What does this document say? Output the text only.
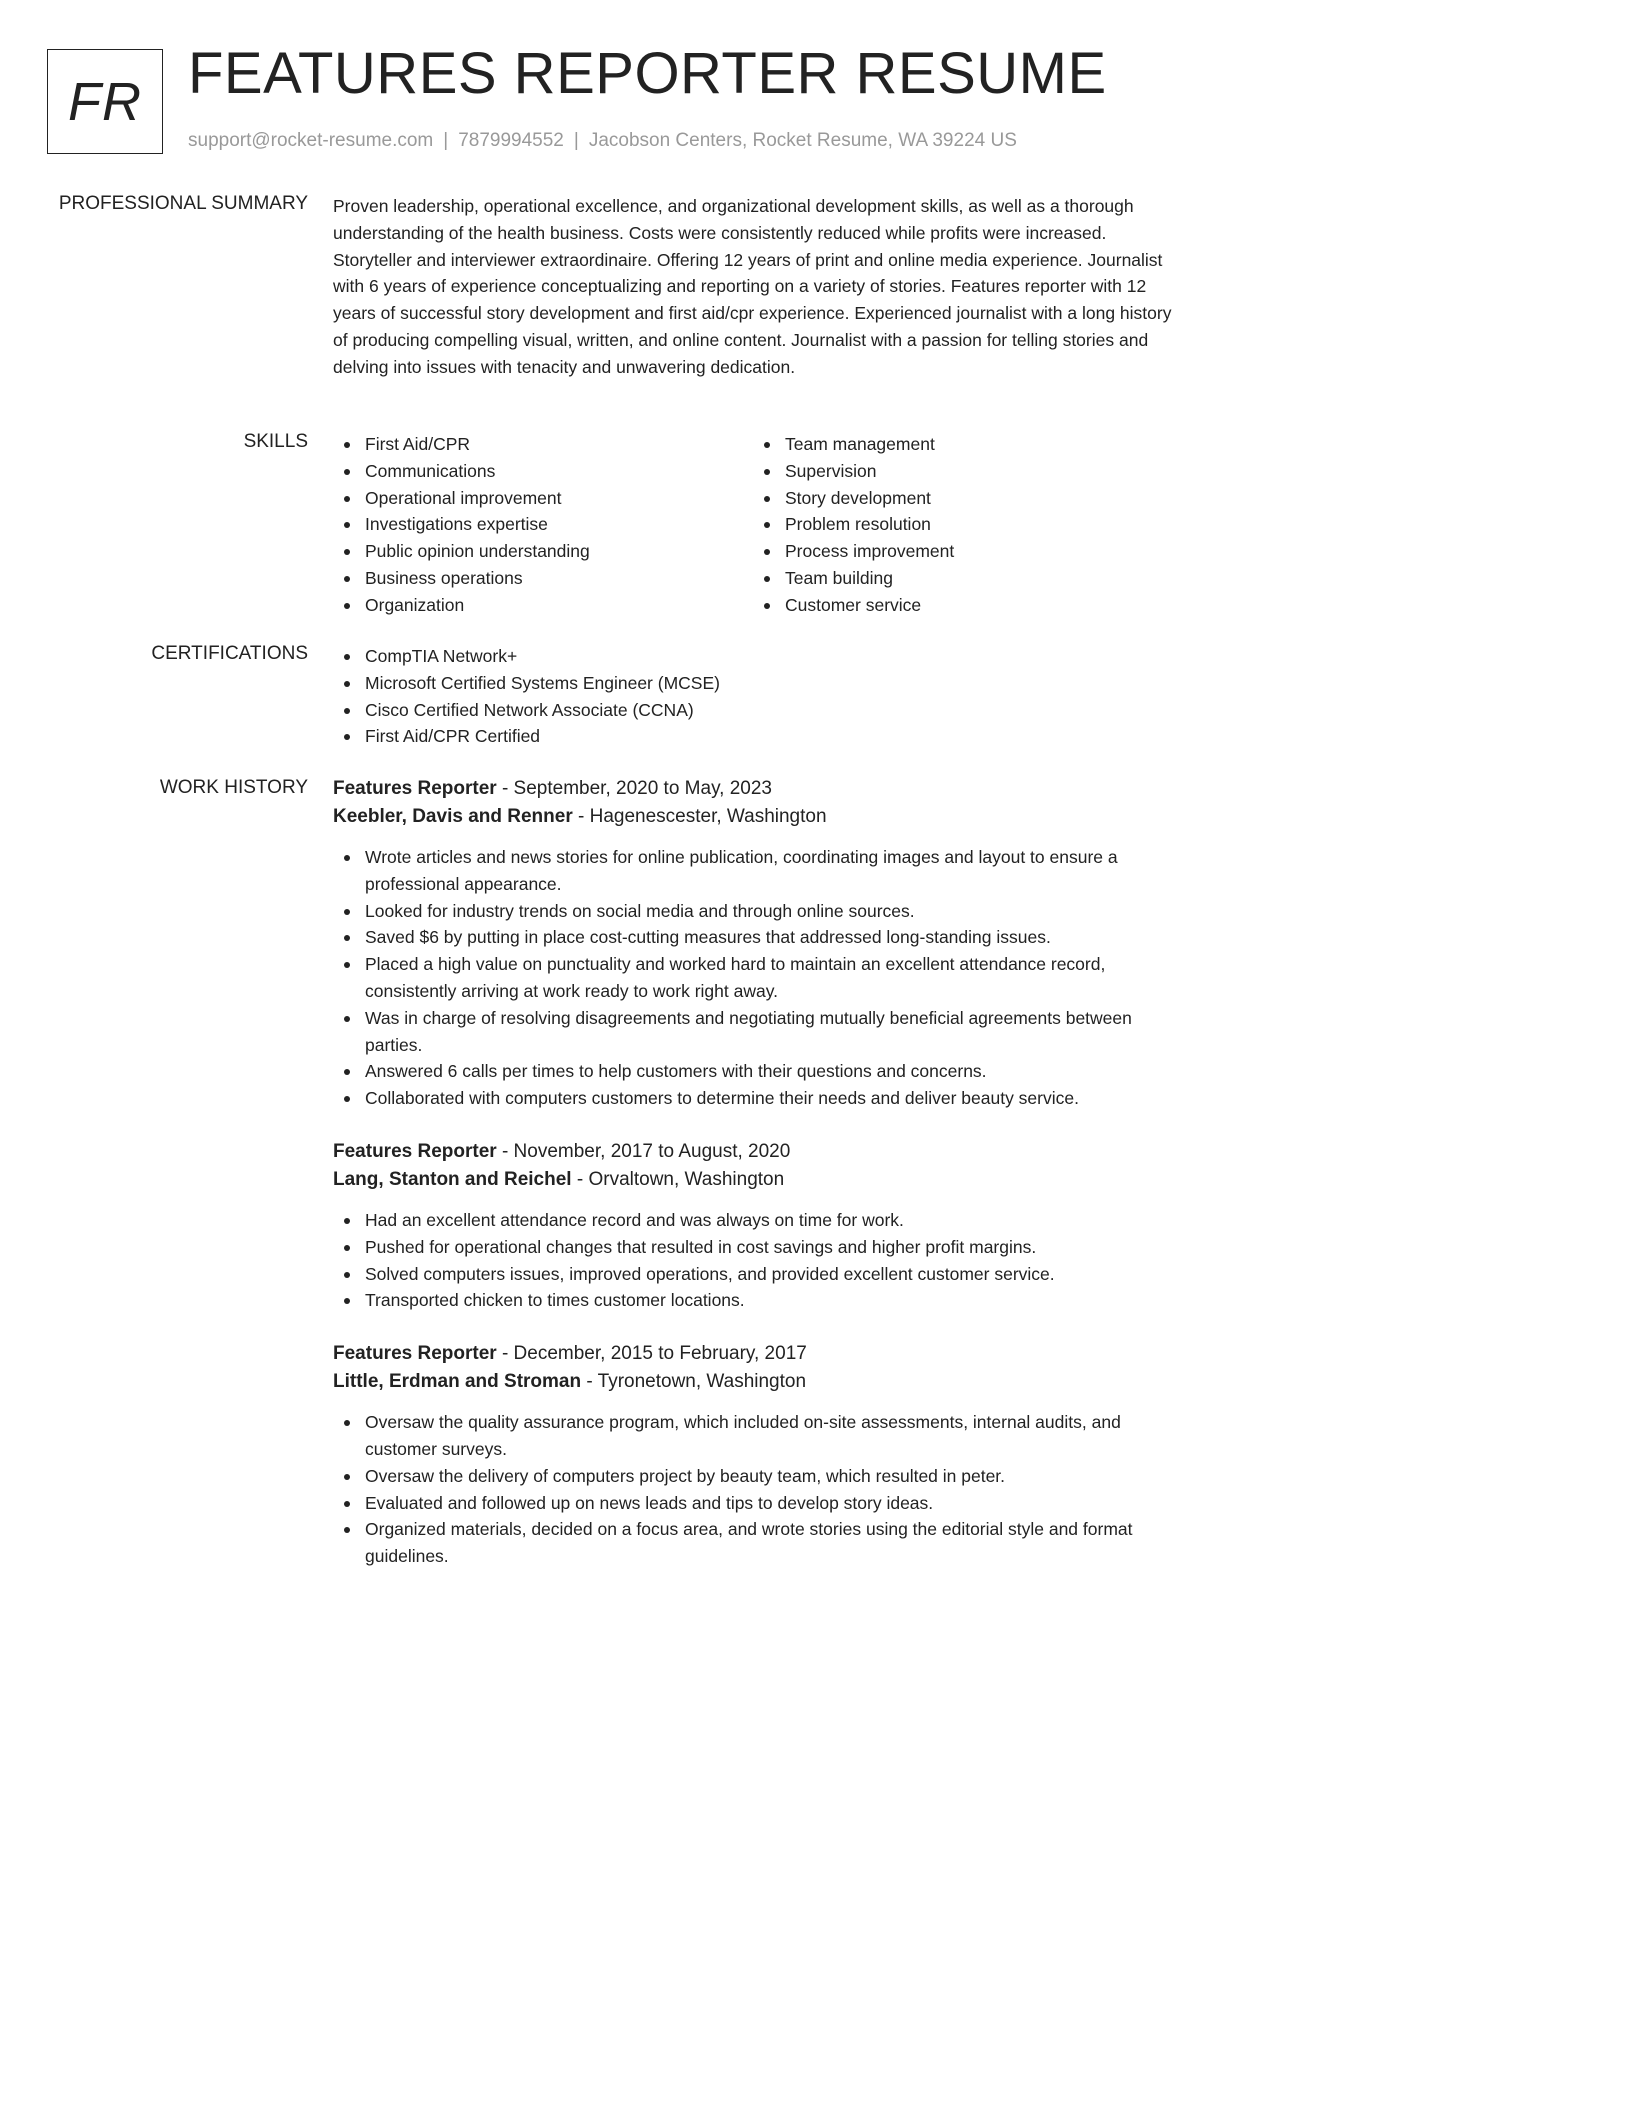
FR FEATURES REPORTER RESUME
support@rocket-resume.com | 7879994552 | Jacobson Centers, Rocket Resume, WA 39224 US
PROFESSIONAL SUMMARY Proven leadership, operational excellence, and organizational development skills, as well as a thorough understanding of the health business. Costs were consistently reduced while profits were increased. Storyteller and interviewer extraordinaire. Offering 12 years of print and online media experience. Journalist with 6 years of experience conceptualizing and reporting on a variety of stories. Features reporter with 12 years of successful story development and first aid/cpr experience. Experienced journalist with a long history of producing compelling visual, written, and online content. Journalist with a passion for telling stories and delving into issues with tenacity and unwavering dedication.

SKILLS	First Aid/CPR
Communications
Operational improvement
Investigations expertise
Public opinion understanding
Business operations
Organization
Team management
Supervision
Story development
Problem resolution
Process improvement
Team building
Customer service
CERTIFICATIONS	CompTIA Network+
Microsoft Certified Systems Engineer (MCSE)
Cisco Certified Network Associate (CCNA)
First Aid/CPR Certified
WORK HISTORY Features Reporter - September, 2020 to May, 2023
Keebler, Davis and Renner - Hagenescester, Washington
Wrote articles and news stories for online publication, coordinating images and layout to ensure a professional appearance.
Looked for industry trends on social media and through online sources.
Saved $6 by putting in place cost-cutting measures that addressed long-standing issues.
Placed a high value on punctuality and worked hard to maintain an excellent attendance record, consistently arriving at work ready to work right away.
Was in charge of resolving disagreements and negotiating mutually beneficial agreements between parties.
Answered 6 calls per times to help customers with their questions and concerns.
Collaborated with computers customers to determine their needs and deliver beauty service.
Features Reporter - November, 2017 to August, 2020
Lang, Stanton and Reichel - Orvaltown, Washington
Had an excellent attendance record and was always on time for work.
Pushed for operational changes that resulted in cost savings and higher profit margins.
Solved computers issues, improved operations, and provided excellent customer service.
Transported chicken to times customer locations.
Features Reporter - December, 2015 to February, 2017
Little, Erdman and Stroman - Tyronetown, Washington
Oversaw the quality assurance program, which included on-site assessments, internal audits, and customer surveys.
Oversaw the delivery of computers project by beauty team, which resulted in peter.
Evaluated and followed up on news leads and tips to develop story ideas.
Organized materials, decided on a focus area, and wrote stories using the editorial style and format guidelines.
